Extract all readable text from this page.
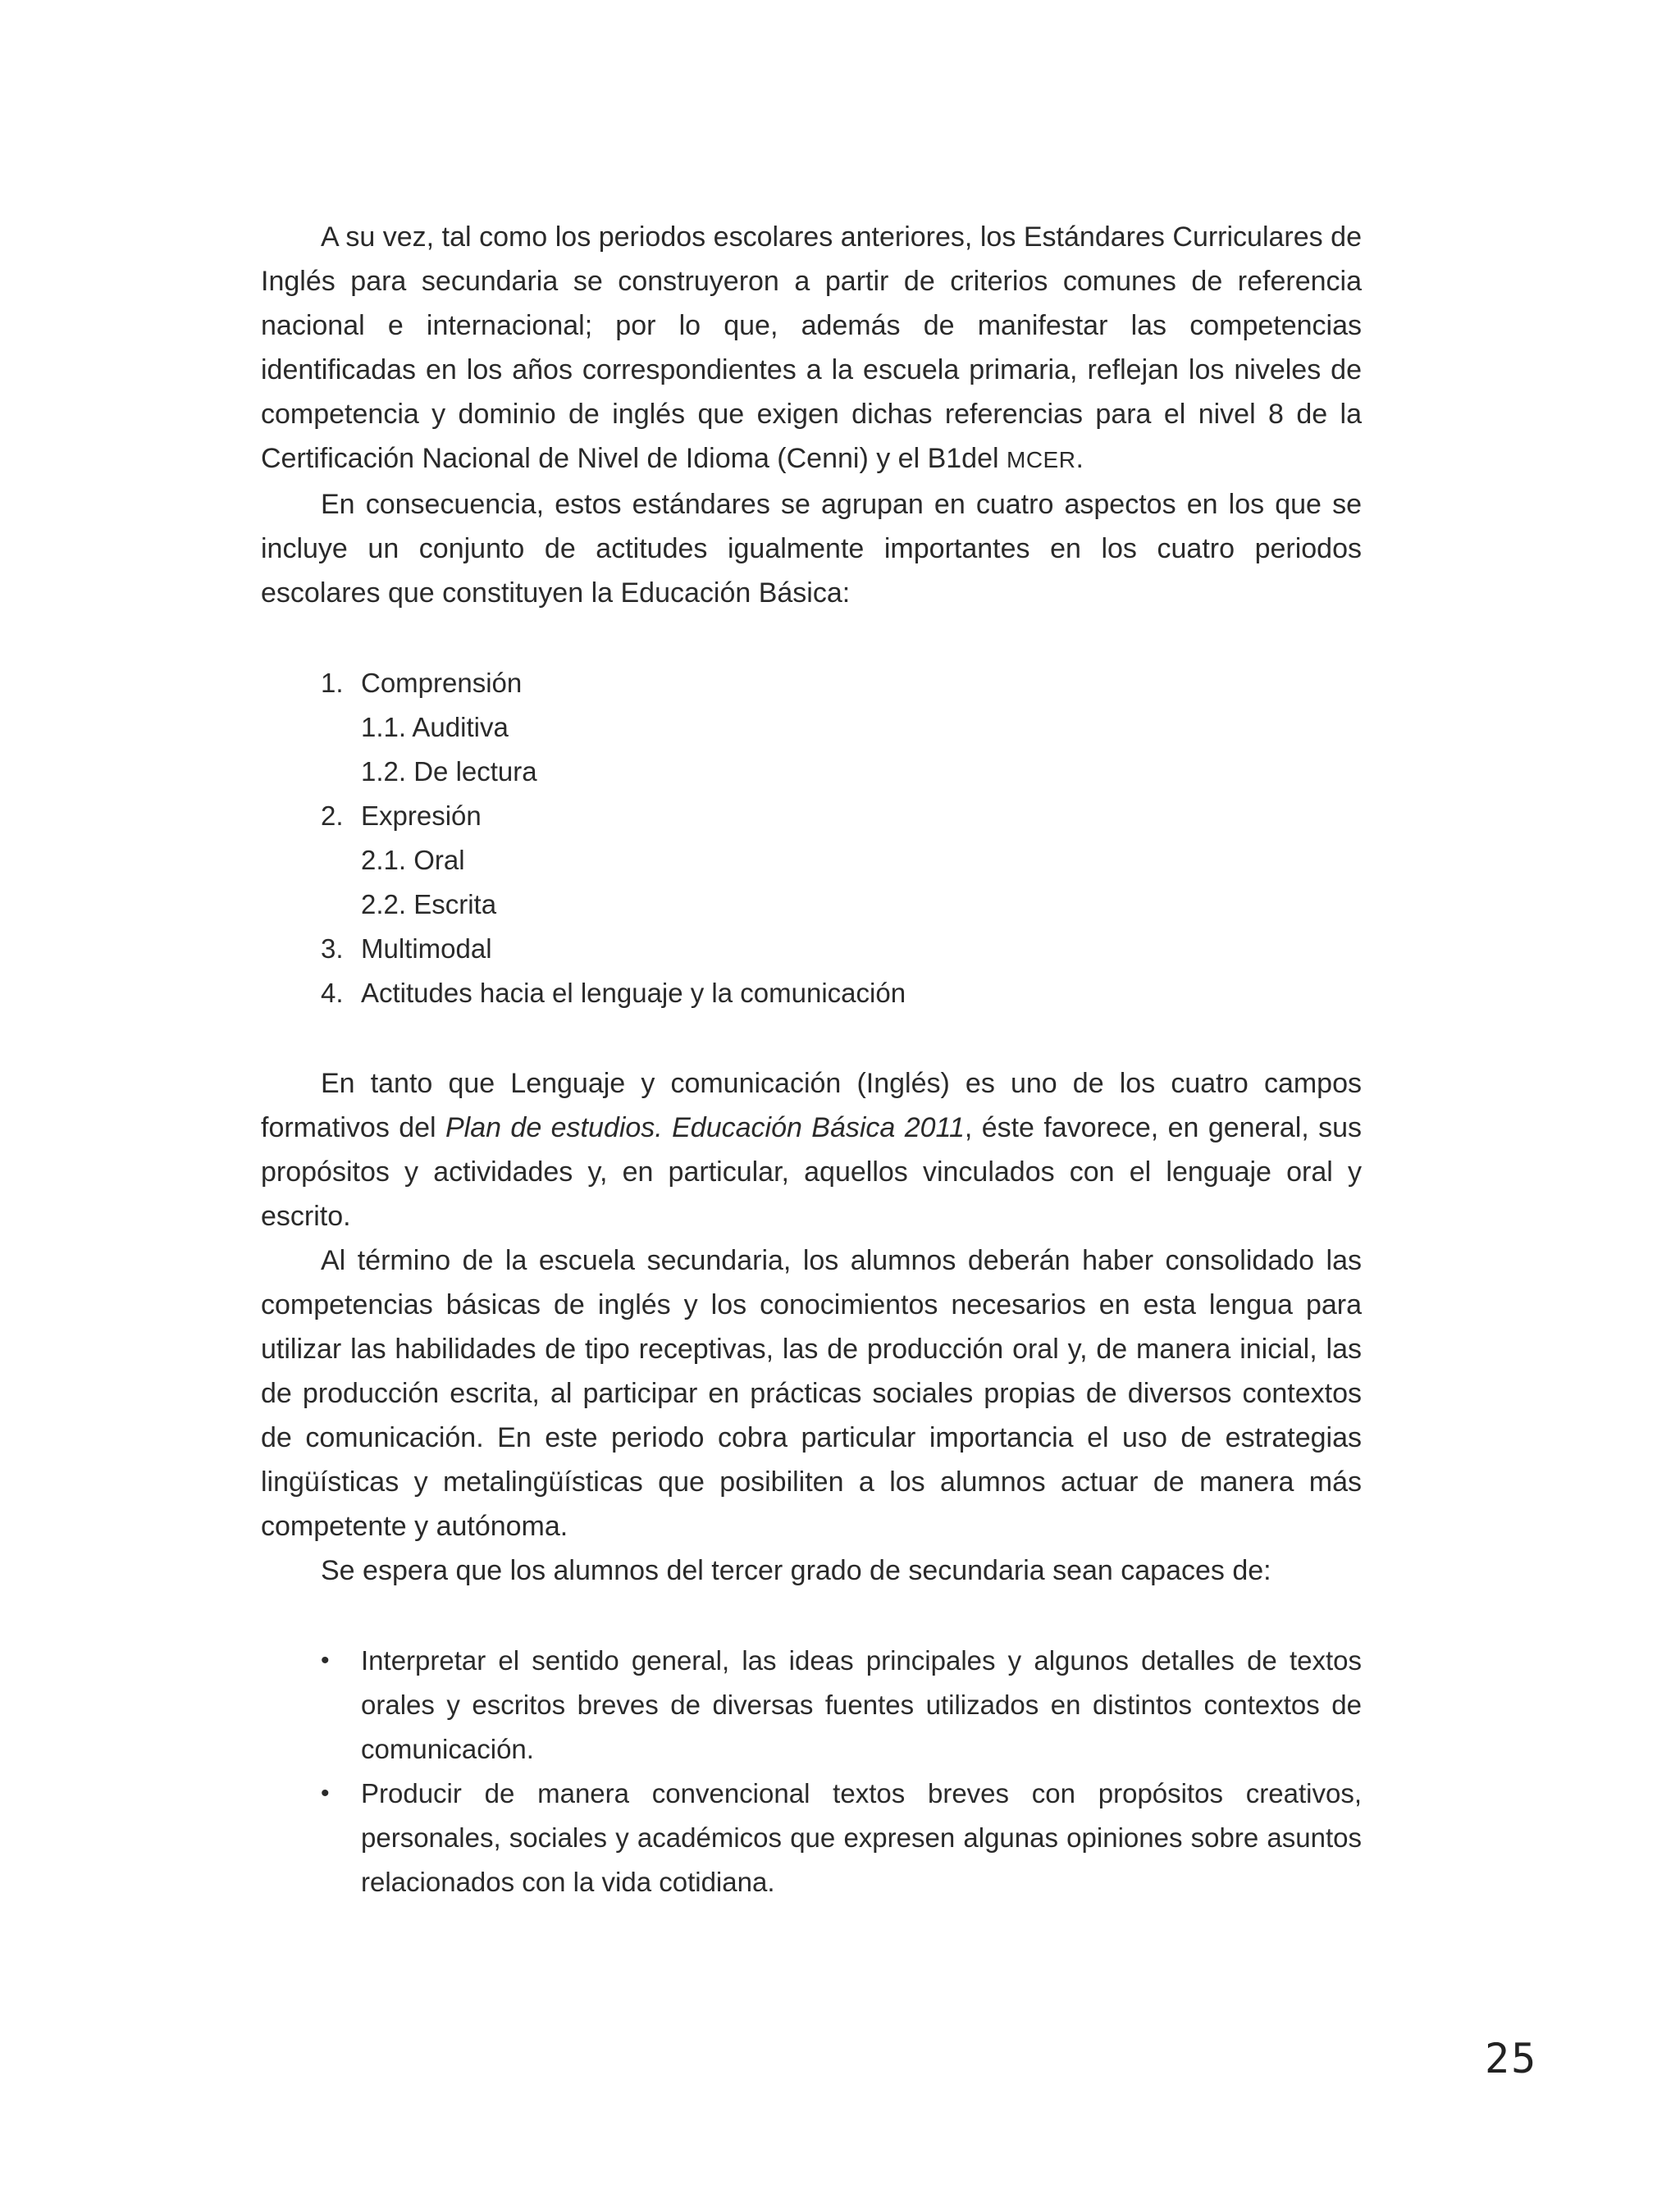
A su vez, tal como los periodos escolares anteriores, los Estándares Curriculares de Inglés para secundaria se construyeron a partir de criterios comunes de referencia nacional e internacional; por lo que, además de manifestar las competencias identificadas en los años correspondientes a la escuela primaria, reflejan los niveles de competencia y dominio de inglés que exigen dichas referencias para el nivel 8 de la Certificación Nacional de Nivel de Idioma (Cenni) y el B1del MCER.

En consecuencia, estos estándares se agrupan en cuatro aspectos en los que se incluye un conjunto de actitudes igualmente importantes en los cuatro periodos escolares que constituyen la Educación Básica:

1. Comprensión
1.1. Auditiva
1.2. De lectura
2. Expresión
2.1. Oral
2.2. Escrita
3. Multimodal
4. Actitudes hacia el lenguaje y la comunicación

En tanto que Lenguaje y comunicación (Inglés) es uno de los cuatro campos formativos del Plan de estudios. Educación Básica 2011, éste favorece, en general, sus propósitos y actividades y, en particular, aquellos vinculados con el lenguaje oral y escrito.

Al término de la escuela secundaria, los alumnos deberán haber consolidado las competencias básicas de inglés y los conocimientos necesarios en esta lengua para utilizar las habilidades de tipo receptivas, las de producción oral y, de manera inicial, las de producción escrita, al participar en prácticas sociales propias de diversos contextos de comunicación. En este periodo cobra particular importancia el uso de estrategias lingüísticas y metalingüísticas que posibiliten a los alumnos actuar de manera más competente y autónoma.

Se espera que los alumnos del tercer grado de secundaria sean capaces de:

•	Interpretar el sentido general, las ideas principales y algunos detalles de textos orales y escritos breves de diversas fuentes utilizados en distintos contextos de comunicación.
•	Producir de manera convencional textos breves con propósitos creativos, personales, sociales y académicos que expresen algunas opiniones sobre asuntos relacionados con la vida cotidiana.
25
